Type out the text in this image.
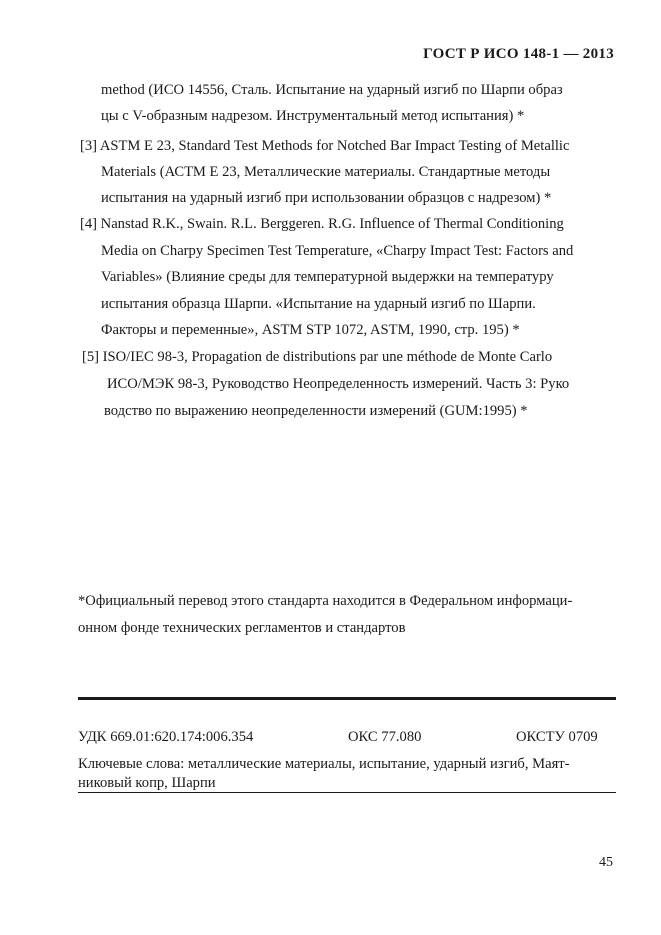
ГОСТ Р ИСО 148-1 — 2013
method (ИСО 14556, Сталь. Испытание на ударный изгиб по Шарпи образ
цы с V-образным надрезом. Инструментальный метод испытания) *
[3] ASTM E 23, Standard Test Methods for Notched Bar Impact Testing of Metallic
Materials (АСТМ Е 23, Металлические материалы. Стандартные методы
испытания на ударный изгиб при использовании образцов с надрезом) *
[4] Nanstad R.K., Swain. R.L. Berggeren. R.G. Influence of Thermal Conditioning
Media on Charpy Specimen Test Temperature, «Charpy Impact Test: Factors and
Variables» (Влияние среды для температурной выдержки на температуру
испытания образца Шарпи. «Испытание на ударный изгиб по Шарпи.
Факторы и переменные», ASTM STP 1072, ASTM, 1990, стр. 195) *
[5] ISO/IEC 98-3, Propagation de distributions par une méthode de Monte Carlo
ИСО/МЭК 98-3, Руководство Неопределенность измерений. Часть 3: Руко
водство по выражению неопределенности измерений (GUM:1995) *
*Официальный перевод этого стандарта находится в Федеральном информаци-
онном фонде технических регламентов и стандартов
УДК 669.01:620.174:006.354	ОКС 77.080	ОКСТУ 0709
Ключевые слова: металлические материалы, испытание, ударный изгиб, Маят-
никовый копр, Шарпи
45
